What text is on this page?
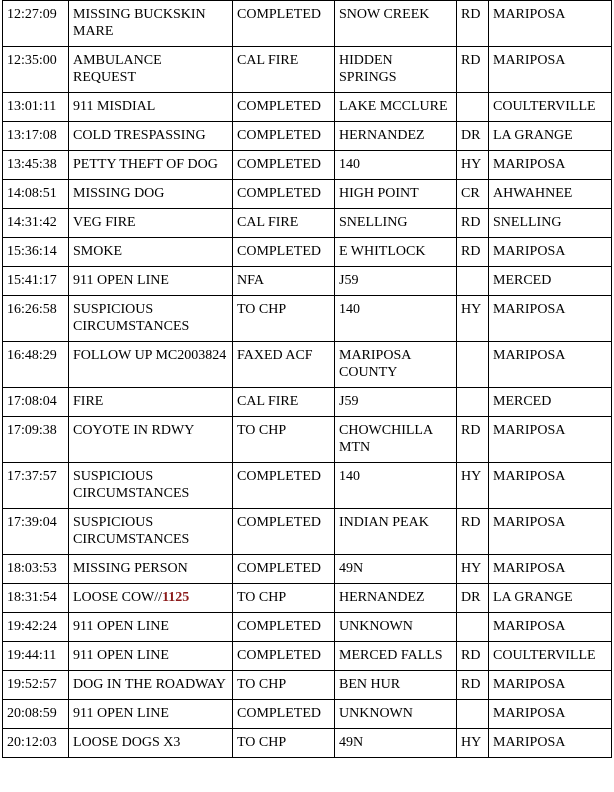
12:27:09	MISSING BUCKSKIN MARE	COMPLETED	SNOW CREEK	RD	MARIPOSA
12:35:00	AMBULANCE REQUEST	CAL FIRE	HIDDEN SPRINGS	RD	MARIPOSA
13:01:11	911 MISDIAL	COMPLETED	LAKE MCCLURE		COULTERVILLE
13:17:08	COLD TRESPASSING	COMPLETED	HERNANDEZ	DR	LA GRANGE
13:45:38	PETTY THEFT OF DOG	COMPLETED	140	HY	MARIPOSA
14:08:51	MISSING DOG	COMPLETED	HIGH POINT	CR	AHWAHNEE
14:31:42	VEG FIRE	CAL FIRE	SNELLING	RD	SNELLING
15:36:14	SMOKE	COMPLETED	E WHITLOCK	RD	MARIPOSA
15:41:17	911 OPEN LINE	NFA	J59		MERCED
16:26:58	SUSPICIOUS CIRCUMSTANCES	TO CHP	140	HY	MARIPOSA
16:48:29	FOLLOW UP MC2003824	FAXED ACF	MARIPOSA COUNTY		MARIPOSA
17:08:04	FIRE	CAL FIRE	J59		MERCED
17:09:38	COYOTE IN RDWY	TO CHP	CHOWCHILLA MTN	RD	MARIPOSA
17:37:57	SUSPICIOUS CIRCUMSTANCES	COMPLETED	140	HY	MARIPOSA
17:39:04	SUSPICIOUS CIRCUMSTANCES	COMPLETED	INDIAN PEAK	RD	MARIPOSA
18:03:53	MISSING PERSON	COMPLETED	49N	HY	MARIPOSA
18:31:54	LOOSE COW//1125	TO CHP	HERNANDEZ	DR	LA GRANGE
19:42:24	911 OPEN LINE	COMPLETED	UNKNOWN		MARIPOSA
19:44:11	911 OPEN LINE	COMPLETED	MERCED FALLS	RD	COULTERVILLE
19:52:57	DOG IN THE ROADWAY	TO CHP	BEN HUR	RD	MARIPOSA
20:08:59	911 OPEN LINE	COMPLETED	UNKNOWN		MARIPOSA
20:12:03	LOOSE DOGS X3	TO CHP	49N	HY	MARIPOSA
